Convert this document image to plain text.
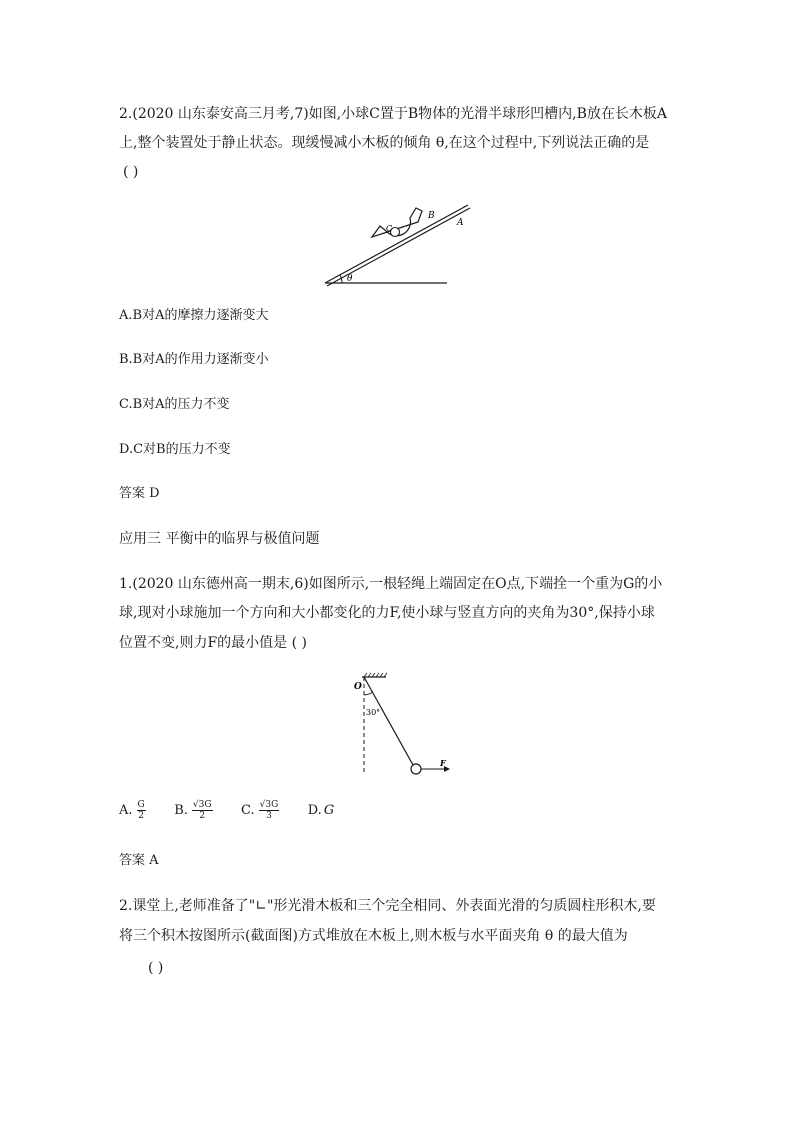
2.(2020 山东泰安高三月考,7)如图,小球C置于B物体的光滑半球形凹槽内,B放在长木板A
上,整个装置处于静止状态。现缓慢减小木板的倾角 θ,在这个过程中,下列说法正确的是
( )
B
A
C
θ
A.B对A的摩擦力逐渐变大
B.B对A的作用力逐渐变小
C.B对A的压力不变
D.C对B的压力不变
答案 D
应用三 平衡中的临界与极值问题
1.(2020 山东德州高一期末,6)如图所示,一根轻绳上端固定在O点,下端拴一个重为G的小
球,现对小球施加一个方向和大小都变化的力F,使小球与竖直方向的夹角为30°,保持小球
位置不变,则力F的最小值是 ( )
O
30°
F
A. $\frac{G}{2} B$. $\frac{√3G}{2} C$. $\frac{√3G}{3} D$. G
答案 A
2.课堂上,老师准备了"∟"形光滑木板和三个完全相同、外表面光滑的匀质圆柱形积木,要
将三个积木按图所示(截面图)方式堆放在木板上,则木板与水平面夹角 θ 的最大值为
( )
